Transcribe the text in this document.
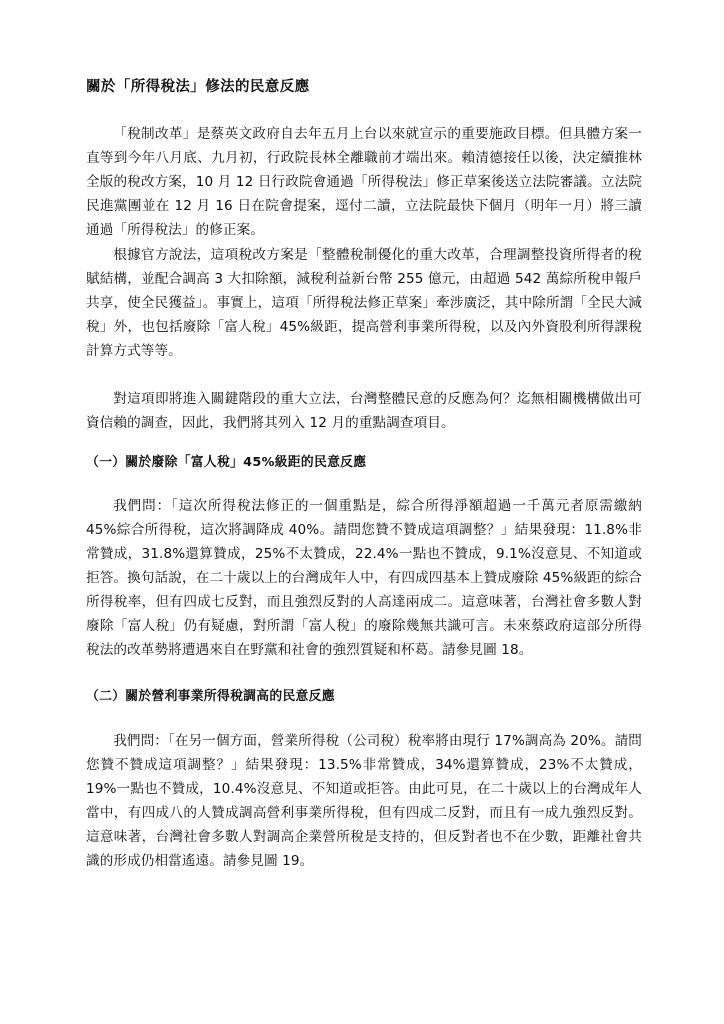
關於「所得稅法」修法的民意反應

「稅制改革」是蔡英文政府自去年五月上台以來就宣示的重要施政目標。但具體方案一直等到今年八月底、九月初，行政院長林全離職前才端出來。賴清德接任以後，決定續推林全版的稅改方案，10 月 12 日行政院會通過「所得稅法」修正草案後送立法院審議。立法院民進黨團並在 12 月 16 日在院會提案，逕付二讀，立法院最快下個月（明年一月）將三讀通過「所得稅法」的修正案。

根據官方說法，這項稅改方案是「整體稅制優化的重大改革，合理調整投資所得者的稅賦結構，並配合調高 3 大扣除額，減稅利益新台幣 255 億元，由超過 542 萬綜所稅申報戶共享，使全民獲益」。事實上，這項「所得稅法修正草案」牽涉廣泛，其中除所謂「全民大減稅」外，也包括廢除「富人稅」45%級距，提高營利事業所得稅，以及內外資股利所得課稅計算方式等等。

對這項即將進入關鍵階段的重大立法，台灣整體民意的反應為何？迄無相關機構做出可資信賴的調查，因此，我們將其列入 12 月的重點調查項目。

（一）關於廢除「富人稅」45%級距的民意反應

我們問：「這次所得稅法修正的一個重點是，綜合所得淨額超過一千萬元者原需繳納 45%綜合所得稅，這次將調降成 40%。請問您贊不贊成這項調整？」結果發現：11.8%非常贊成，31.8%還算贊成，25%不太贊成，22.4%一點也不贊成，9.1%沒意見、不知道或拒答。換句話說，在二十歲以上的台灣成年人中，有四成四基本上贊成廢除 45%級距的綜合所得稅率，但有四成七反對，而且強烈反對的人高達兩成二。這意味著，台灣社會多數人對廢除「富人稅」仍有疑慮，對所謂「富人稅」的廢除幾無共識可言。未來蔡政府這部分所得稅法的改革勢將遭遇來自在野黨和社會的強烈質疑和杯葛。請參見圖 18。

（二）關於營利事業所得稅調高的民意反應

我們問：「在另一個方面，營業所得稅（公司稅）稅率將由現行 17%調高為 20%。請問您贊不贊成這項調整？」結果發現：13.5%非常贊成，34%還算贊成，23%不太贊成，19%一點也不贊成，10.4%沒意見、不知道或拒答。由此可見，在二十歲以上的台灣成年人當中，有四成八的人贊成調高營利事業所得稅，但有四成二反對，而且有一成九強烈反對。這意味著，台灣社會多數人對調高企業營所稅是支持的，但反對者也不在少數，距離社會共識的形成仍相當遙遠。請參見圖 19。
